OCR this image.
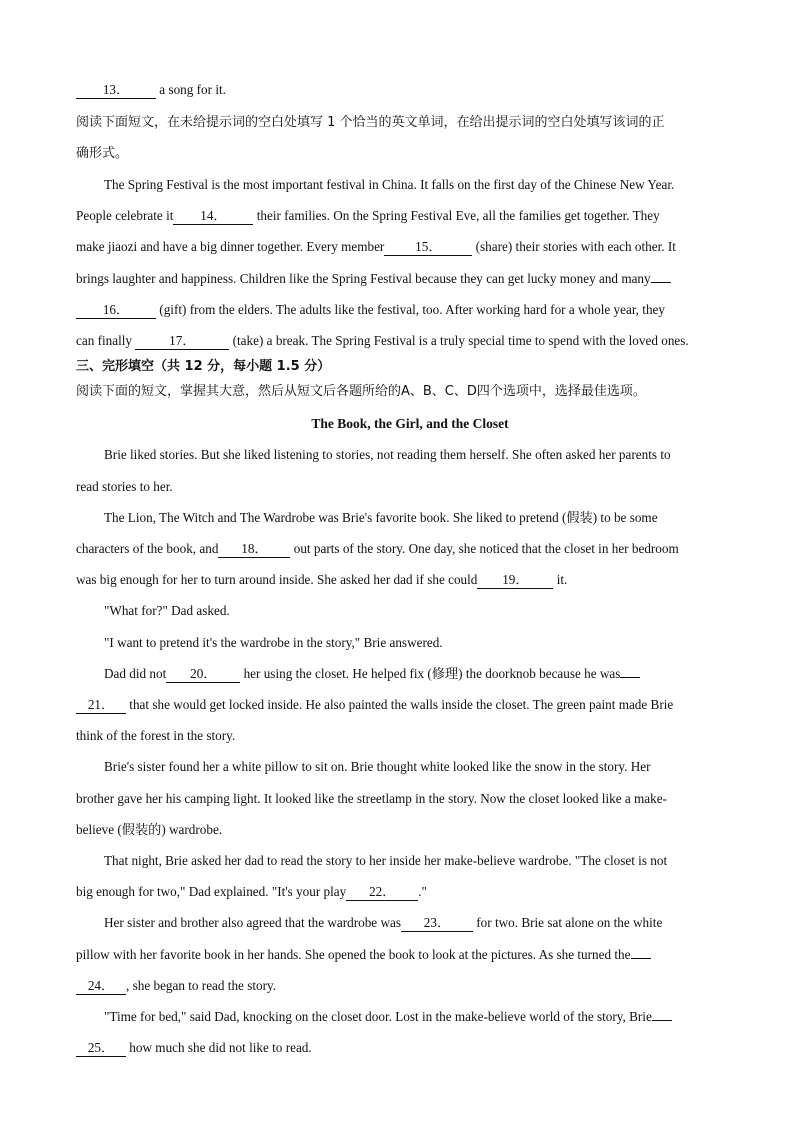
13． a song for it.
阅读下面短文，在未给提示词的空白处填写 1 个恰当的英文单词，在给出提示词的空白处填写该词的正
确形式。
The Spring Festival is the most important festival in China. It falls on the first day of the Chinese New Year.
People celebrate it 14． their families. On the Spring Festival Eve, all the families get together. They
make jiaozi and have a big dinner together. Every member 15． (share) their stories with each other. It
brings laughter and happiness. Children like the Spring Festival because they can get lucky money and many
16． (gift) from the elders. The adults like the festival, too. After working hard for a whole year, they
can finally	17．	(take) a break. The Spring Festival is a truly special time to spend with the loved ones.
三、完形填空（共 12 分，每小题 1.5 分）
阅读下面的短文，掌握其大意，然后从短文后各题所给的A、B、C、D四个选项中，选择最佳选项。
The Book, the Girl, and the Closet
Brie liked stories. But she liked listening to stories, not reading them herself. She often asked her parents to
read stories to her.
The Lion, The Witch and The Wardrobe was Brie's favorite book. She liked to pretend (假装) to be some
characters of the book, and 18． out parts of the story. One day, she noticed that the closet in her bedroom
was big enough for her to turn around inside. She asked her dad if she could 19． it.
"What for?" Dad asked.
"I want to pretend it's the wardrobe in the story," Brie answered.
Dad did not 20． her using the closet. He helped fix (修理) the doorknob because he was
21． that she would get locked inside. He also painted the walls inside the closet. The green paint made Brie
think of the forest in the story.
Brie's sister found her a white pillow to sit on. Brie thought white looked like the snow in the story. Her
brother gave her his camping light. It looked like the streetlamp in the story. Now the closet looked like a make-
believe (假装的) wardrobe.
That night, Brie asked her dad to read the story to her inside her make-believe wardrobe. "The closet is not
big enough for two," Dad explained. "It's your play 22． ."
Her sister and brother also agreed that the wardrobe was 23． for two. Brie sat alone on the white
pillow with her favorite book in her hands. She opened the book to look at the pictures. As she turned the
24． , she began to read the story.
"Time for bed," said Dad, knocking on the closet door. Lost in the make-believe world of the story, Brie
25． how much she did not like to read.
